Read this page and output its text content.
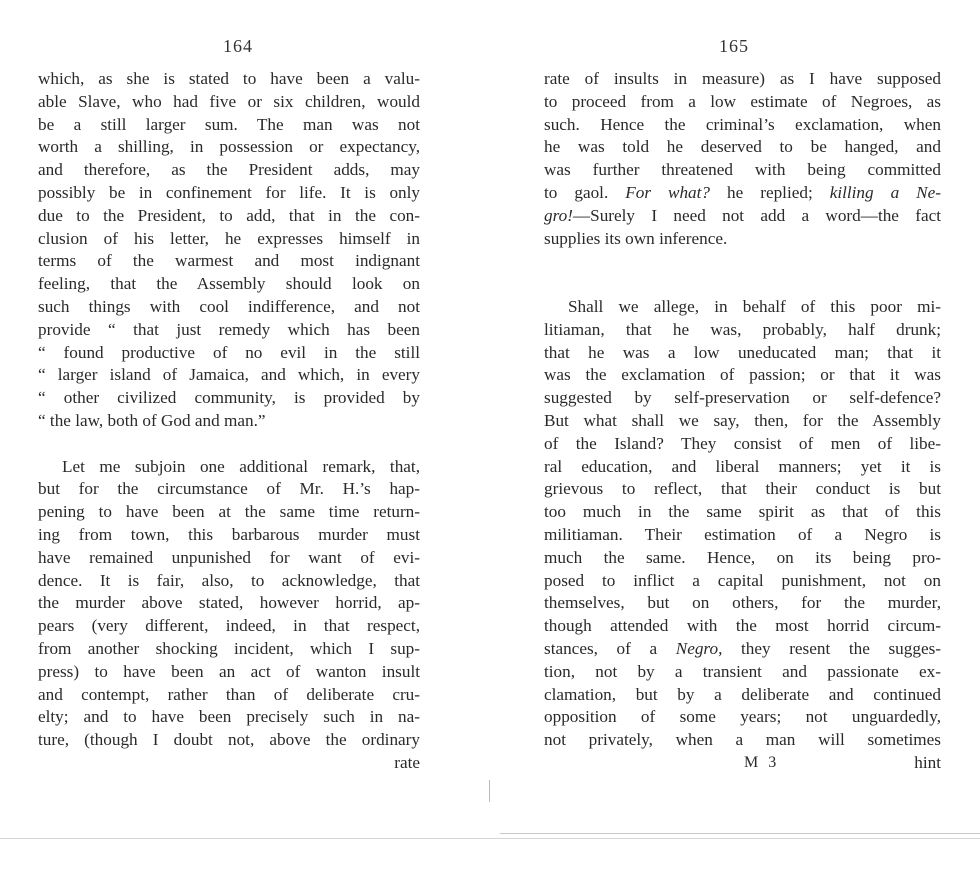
164
which, as she is stated to have been a valu-
able Slave, who had five or six children, would
be a still larger sum. The man was not
worth a shilling, in possession or expectancy,
and therefore, as the President adds, may
possibly be in confinement for life. It is only
due to the President, to add, that in the con-
clusion of his letter, he expresses himself in
terms of the warmest and most indignant
feeling, that the Assembly should look on
such things with cool indifference, and not
provide “ that just remedy which has been
“ found productive of no evil in the still
“ larger island of Jamaica, and which, in every
“ other civilized community, is provided by
“ the law, both of God and man.”
Let me subjoin one additional remark, that,
but for the circumstance of Mr. H.’s hap-
pening to have been at the same time return-
ing from town, this barbarous murder must
have remained unpunished for want of evi-
dence. It is fair, also, to acknowledge, that
the murder above stated, however horrid, ap-
pears (very different, indeed, in that respect,
from another shocking incident, which I sup-
press) to have been an act of wanton insult
and contempt, rather than of deliberate cru-
elty; and to have been precisely such in na-
ture, (though I doubt not, above the ordinary
rate
165
rate of insults in measure) as I have supposed
to proceed from a low estimate of Negroes, as
such. Hence the criminal’s exclamation, when
he was told he deserved to be hanged, and
was further threatened with being committed
to gaol. For what? he replied; killing a Ne-
gro!—Surely I need not add a word—the fact
supplies its own inference.
Shall we allege, in behalf of this poor mi-
litiaman, that he was, probably, half drunk;
that he was a low uneducated man; that it
was the exclamation of passion; or that it was
suggested by self-preservation or self-defence?
But what shall we say, then, for the Assembly
of the Island? They consist of men of libe-
ral education, and liberal manners; yet it is
grievous to reflect, that their conduct is but
too much in the same spirit as that of this
militiaman. Their estimation of a Negro is
much the same. Hence, on its being pro-
posed to inflict a capital punishment, not on
themselves, but on others, for the murder,
though attended with the most horrid circum-
stances, of a Negro, they resent the sugges-
tion, not by a transient and passionate ex-
clamation, but by a deliberate and continued
opposition of some years; not unguardedly,
not privately, when a man will sometimes
M 3	hint
